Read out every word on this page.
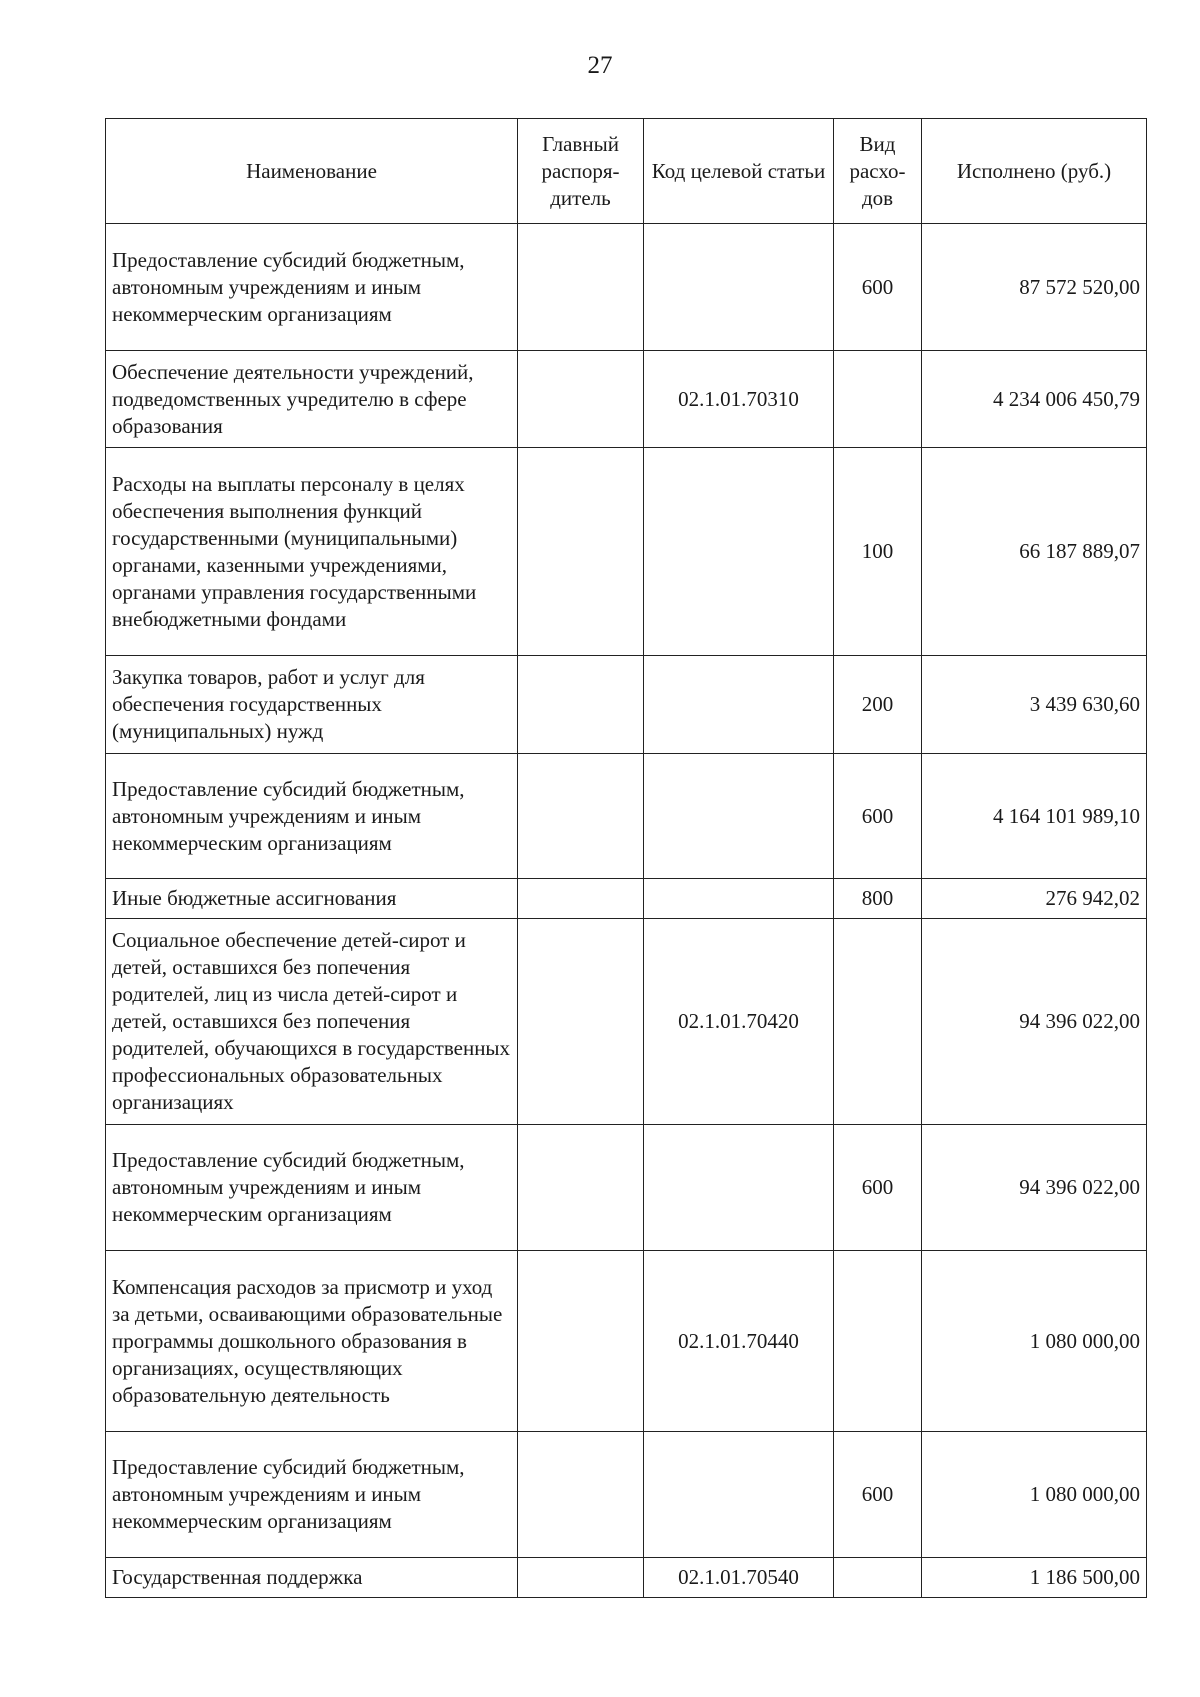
27
Наименование	Главный распоря-дитель	Код целевой статьи	Вид расхо-дов	Исполнено (руб.)
Предоставление субсидий бюджетным, автономным учреждениям и иным некоммерческим организациям			600	87 572 520,00
Обеспечение деятельности учреждений, подведомственных учредителю в сфере образования		02.1.01.70310		4 234 006 450,79
Расходы на выплаты персоналу в целях обеспечения выполнения функций государственными (муниципальными) органами, казенными учреждениями, органами управления государственными внебюджетными фондами			100	66 187 889,07
Закупка товаров, работ и услуг для обеспечения государственных (муниципальных) нужд			200	3 439 630,60
Предоставление субсидий бюджетным, автономным учреждениям и иным некоммерческим организациям			600	4 164 101 989,10
Иные бюджетные ассигнования			800	276 942,02
Социальное обеспечение детей-сирот и детей, оставшихся без попечения родителей, лиц из числа детей-сирот и детей, оставшихся без попечения родителей, обучающихся в государственных профессиональных образовательных организациях		02.1.01.70420		94 396 022,00
Предоставление субсидий бюджетным, автономным учреждениям и иным некоммерческим организациям			600	94 396 022,00
Компенсация расходов за присмотр и уход за детьми, осваивающими образовательные программы дошкольного образования в организациях, осуществляющих образовательную деятельность		02.1.01.70440		1 080 000,00
Предоставление субсидий бюджетным, автономным учреждениям и иным некоммерческим организациям			600	1 080 000,00
Государственная поддержка		02.1.01.70540		1 186 500,00
